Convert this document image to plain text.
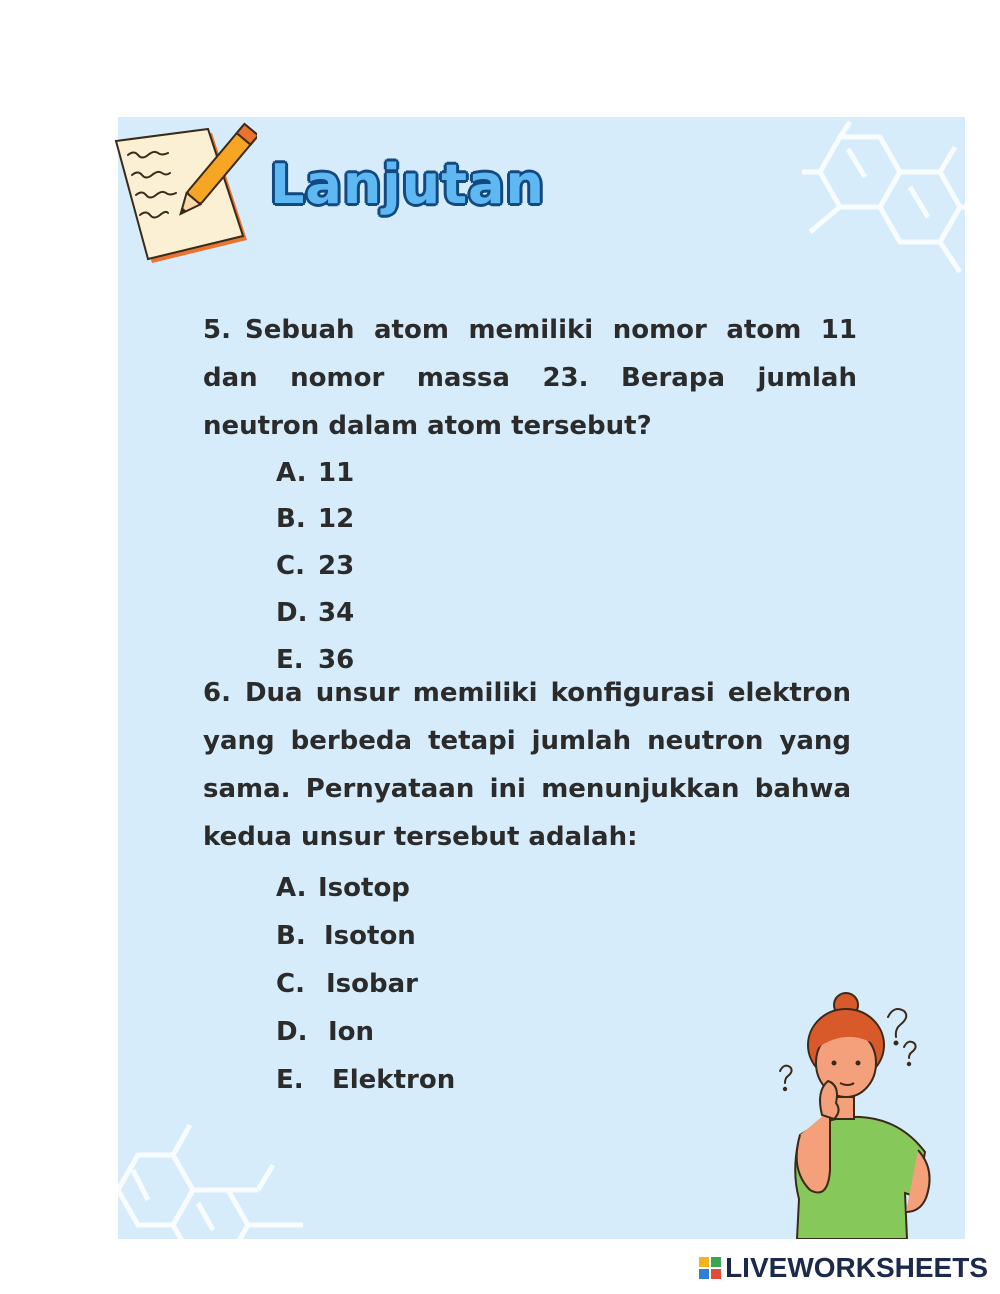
Lanjutan

5. Sebuah atom memiliki nomor atom 11 dan nomor massa 23. Berapa jumlah neutron dalam atom tersebut?

A. 11
B. 12
C. 23
D. 34
E. 36

6. Dua unsur memiliki konfigurasi elektron yang berbeda tetapi jumlah neutron yang sama. Pernyataan ini menunjukkan bahwa kedua unsur tersebut adalah:

A. Isotop
B. Isoton
C. Isobar
D. Ion
E. Elektron
LIVEWORKSHEETS
